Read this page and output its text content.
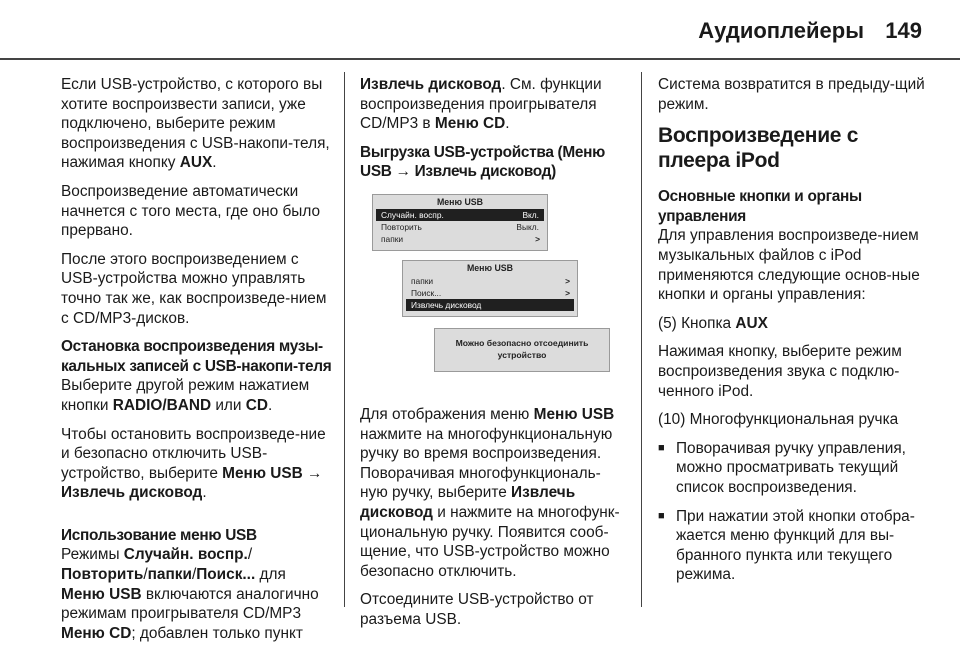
Аудиоплейеры 149

Если USB-устройство, с которого вы хотите воспроизвести записи, уже подключено, выберите режим воспроизведения с USB-накопи-теля, нажимая кнопку AUX.

Воспроизведение автоматически начнется с того места, где оно было прервано.

После этого воспроизведением с USB-устройства можно управлять точно так же, как воспроизведе-нием с CD/MP3-дисков.

Остановка воспроизведения музы-кальных записей с USB-накопи-теля

Выберите другой режим нажатием кнопки RADIO/BAND или CD.

Чтобы остановить воспроизведе-ние и безопасно отключить USB-устройство, выберите Меню USB → Извлечь дисковод.

Использование меню USB

Режимы Случайн. воспр./ Повторить/папки/Поиск... для Меню USB включаются аналогично режимам проигрывателя CD/MP3 Меню CD; добавлен только пункт

Извлечь дисковод. См. функции воспроизведения проигрывателя CD/MP3 в Меню CD.

Выгрузка USB-устройства (Меню USB → Извлечь дисковод)

Меню USB
Случайн. воспр.	Вкл.
Повторить	Выкл.
папки	>
Меню USB
папки	>
Поиск...	>
Извлечь дисковод
Можно безопасно отсоединить
устройство

Для отображения меню Меню USB нажмите на многофункциональную ручку во время воспроизведения. Поворачивая многофункциональ-ную ручку, выберите Извлечь дисковод и нажмите на многофунк-циональную ручку. Появится сооб-щение, что USB-устройство можно безопасно отключить.

Отсоедините USB-устройство от разъема USB.

Система возвратится в предыду-щий режим.

Воспроизведение с плеера iPod

Основные кнопки и органы управления

Для управления воспроизведе-нием музыкальных файлов с iPod применяются следующие основ-ные кнопки и органы управления:

(5) Кнопка AUX

Нажимая кнопку, выберите режим воспроизведения звука с подклю-ченного iPod.

(10) Многофункциональная ручка

■ Поворачивая ручку управления, можно просматривать текущий список воспроизведения.
■ При нажатии этой кнопки отобра-жается меню функций для вы-бранного пункта или текущего режима.
